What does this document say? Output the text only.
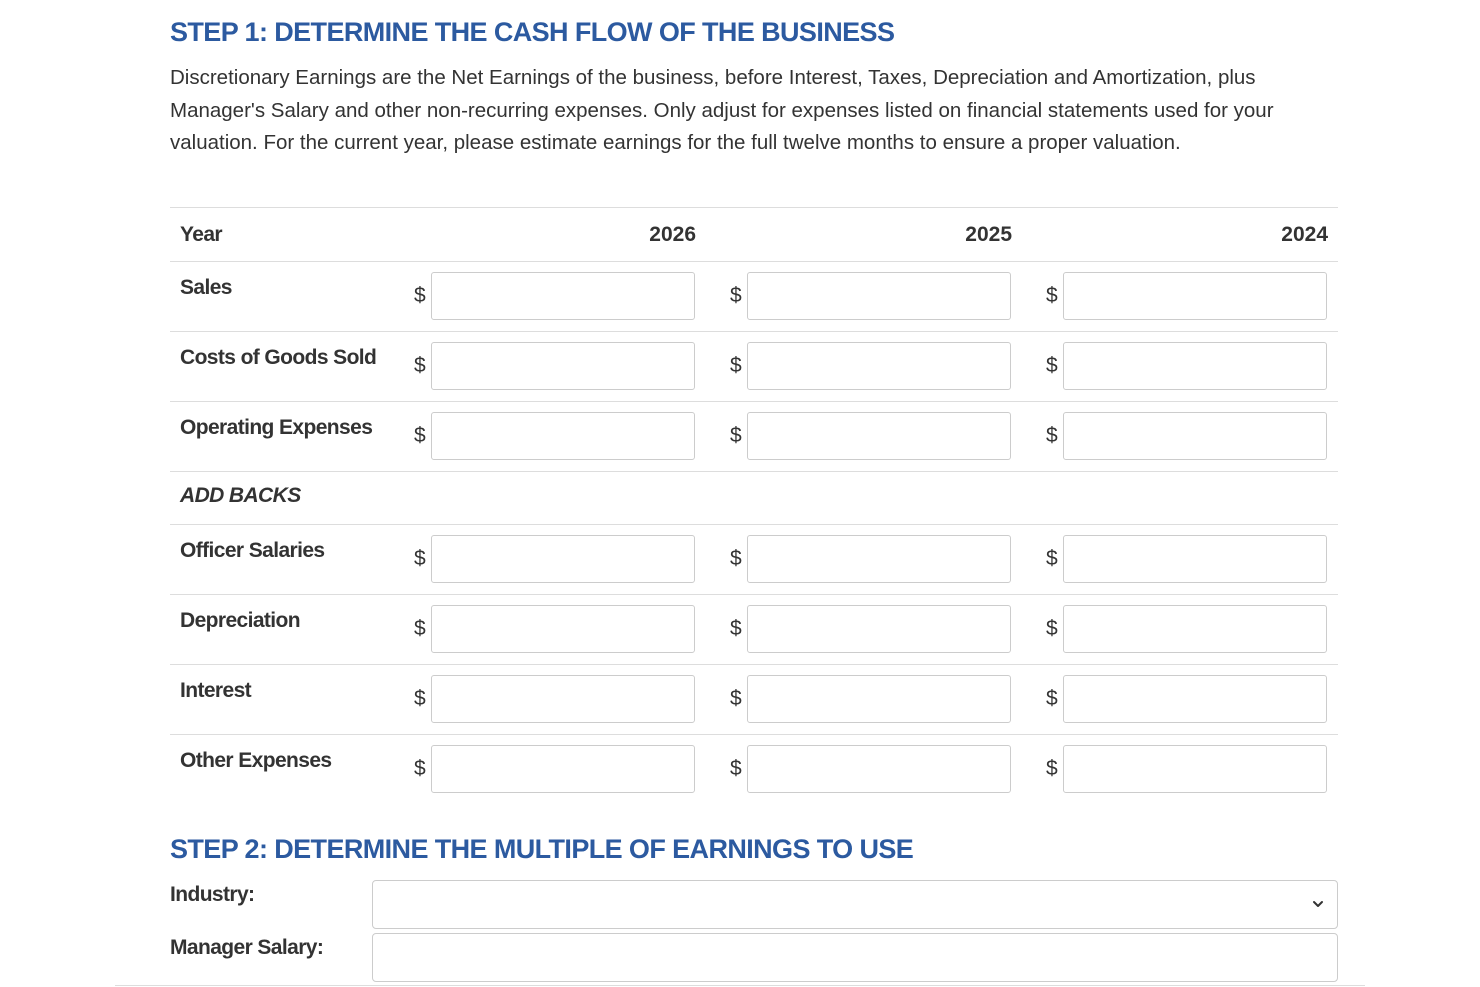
STEP 1: DETERMINE THE CASH FLOW OF THE BUSINESS

Discretionary Earnings are the Net Earnings of the business, before Interest, Taxes, Depreciation and Amortization, plus Manager's Salary and other non-recurring expenses. Only adjust for expenses listed on financial statements used for your valuation. For the current year, please estimate earnings for the full twelve months to ensure a proper valuation.

Year	2026	2025	2024
Sales	$	$	$
Costs of Goods Sold $	$	$
Operating Expenses $	$	$
ADD BACKS
Officer Salaries	$	$	$
Depreciation	$	$	$
Interest	$	$	$
Other Expenses	$	$	$
STEP 2: DETERMINE THE MULTIPLE OF EARNINGS TO USE
Industry:
Manager Salary:
